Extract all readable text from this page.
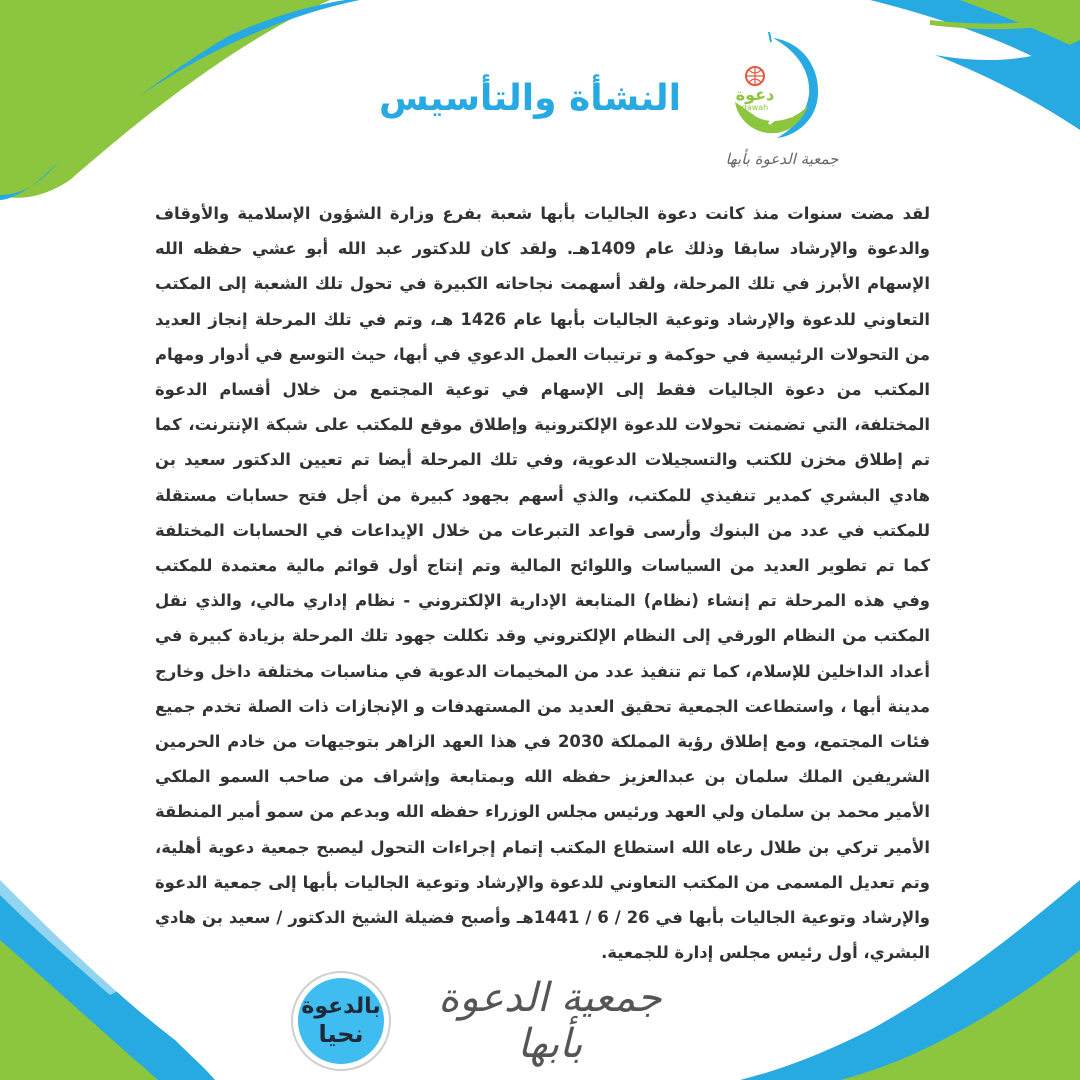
دعوة
dawah
جمعية الدعوة بأبها
النشأة والتأسيس

لقد مضت سنوات منذ كانت دعوة الجاليات بأبها شعبة بفرع وزارة الشؤون الإسلامية والأوقاف والدعوة والإرشاد سابقا وذلك عام 1409هـ. ولقد كان للدكتور عبد الله أبو عشي حفظه الله الإسهام الأبرز في تلك المرحلة، ولقد أسهمت نجاحاته الكبيرة في تحول تلك الشعبة إلى المكتب التعاوني للدعوة والإرشاد وتوعية الجاليات بأبها عام 1426 هـ، وتم في تلك المرحلة إنجاز العديد من التحولات الرئيسية في حوكمة و ترتيبات العمل الدعوي في أبها، حيث التوسع في أدوار ومهام المكتب من دعوة الجاليات فقط إلى الإسهام في توعية المجتمع من خلال أقسام الدعوة المختلفة، التي تضمنت تحولات للدعوة الإلكترونية وإطلاق موقع للمكتب على شبكة الإنترنت، كما تم إطلاق مخزن للكتب والتسجيلات الدعوية، وفي تلك المرحلة أيضا تم تعيين الدكتور سعيد بن هادي البشري كمدير تنفيذي للمكتب، والذي أسهم بجهود كبيرة من أجل فتح حسابات مستقلة للمكتب في عدد من البنوك وأرسى قواعد التبرعات من خلال الإيداعات في الحسابات المختلفة كما تم تطوير العديد من السياسات واللوائح المالية وتم إنتاج أول قوائم مالية معتمدة للمكتب وفي هذه المرحلة تم إنشاء (نظام) المتابعة الإدارية الإلكتروني - نظام إداري مالي، والذي نقل المكتب من النظام الورقي إلى النظام الإلكتروني وقد تكللت جهود تلك المرحلة بزيادة كبيرة في أعداد الداخلين للإسلام، كما تم تنفيذ عدد من المخيمات الدعوية في مناسبات مختلفة داخل وخارج مدينة أبها ، واستطاعت الجمعية تحقيق العديد من المستهدفات و الإنجازات ذات الصلة تخدم جميع فئات المجتمع، ومع إطلاق رؤية المملكة 2030 في هذا العهد الزاهر بتوجيهات من خادم الحرمين الشريفين الملك سلمان بن عبدالعزيز حفظه الله وبمتابعة وإشراف من صاحب السمو الملكي الأمير محمد بن سلمان ولي العهد ورئيس مجلس الوزراء حفظه الله وبدعم من سمو أمير المنطقة الأمير تركي بن طلال رعاه الله استطاع المكتب إتمام إجراءات التحول ليصبح جمعية دعوية أهلية، وتم تعديل المسمى من المكتب التعاوني للدعوة والإرشاد وتوعية الجاليات بأبها إلى جمعية الدعوة والإرشاد وتوعية الجاليات بأبها في 26 / 6 / 1441هـ وأصبح فضيلة الشيخ الدكتور / سعيد بن هادي البشري، أول رئيس مجلس إدارة للجمعية.

بالدعوة
نحيا
جمعية الدعوة بأبها
